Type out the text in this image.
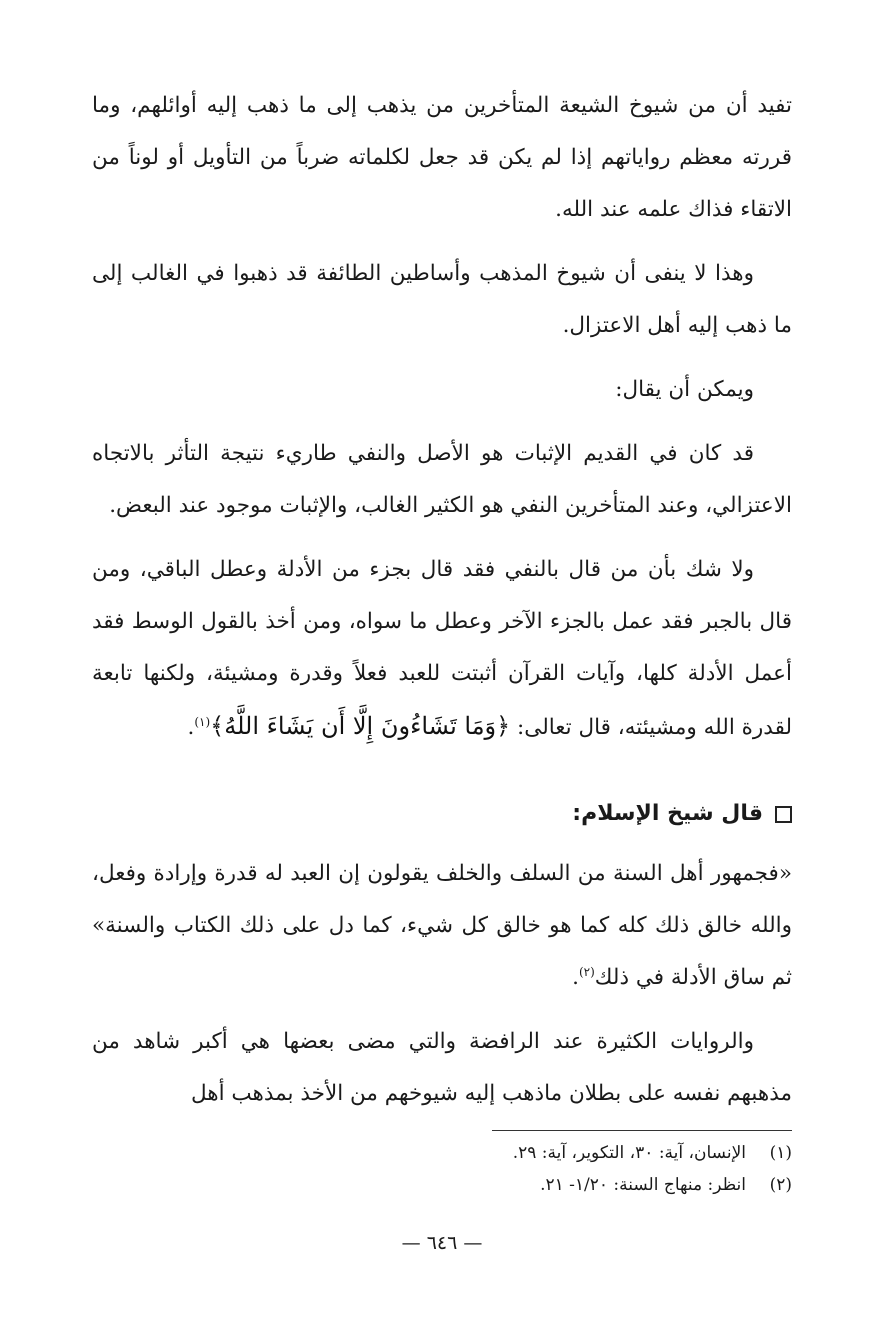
تفيد أن من شيوخ الشيعة المتأخرين من يذهب إلى ما ذهب إليه أوائلهم، وما قررته معظم رواياتهم إذا لم يكن قد جعل لكلماته ضرباً من التأويل أو لوناً من الاتقاء فذاك علمه عند الله.

وهذا لا ينفى أن شيوخ المذهب وأساطين الطائفة قد ذهبوا في الغالب إلى ما ذهب إليه أهل الاعتزال.

ويمكن أن يقال:

قد كان في القديم الإثبات هو الأصل والنفي طاريء نتيجة التأثر بالاتجاه الاعتزالي، وعند المتأخرين النفي هو الكثير الغالب، والإثبات موجود عند البعض.

ولا شك بأن من قال بالنفي فقد قال بجزء من الأدلة وعطل الباقي، ومن قال بالجبر فقد عمل بالجزء الآخر وعطل ما سواه، ومن أخذ بالقول الوسط فقد أعمل الأدلة كلها، وآيات القرآن أثبتت للعبد فعلاً وقدرة ومشيئة، ولكنها تابعة لقدرة الله ومشيئته، قال تعالى: ﴿وَمَا تَشَاءُونَ إِلَّا أَن يَشَاءَ اللَّهُ﴾$^{(١)}$.

قال شيخ الإسلام:

«فجمهور أهل السنة من السلف والخلف يقولون إن العبد له قدرة وإرادة وفعل، والله خالق ذلك كله كما هو خالق كل شيء، كما دل على ذلك الكتاب والسنة» ثم ساق الأدلة في ذلك$^{(٢)}$.

والروايات الكثيرة عند الرافضة والتي مضى بعضها هي أكبر شاهد من مذهبهم نفسه على بطلان ماذهب إليه شيوخهم من الأخذ بمذهب أهل

(١)
الإنسان، آية: ٣٠، التكوير، آية: ٢٩.
(٢)
انظر: منهاج السنة: ١/٢٠- ٢١.
— ٦٤٦ —
